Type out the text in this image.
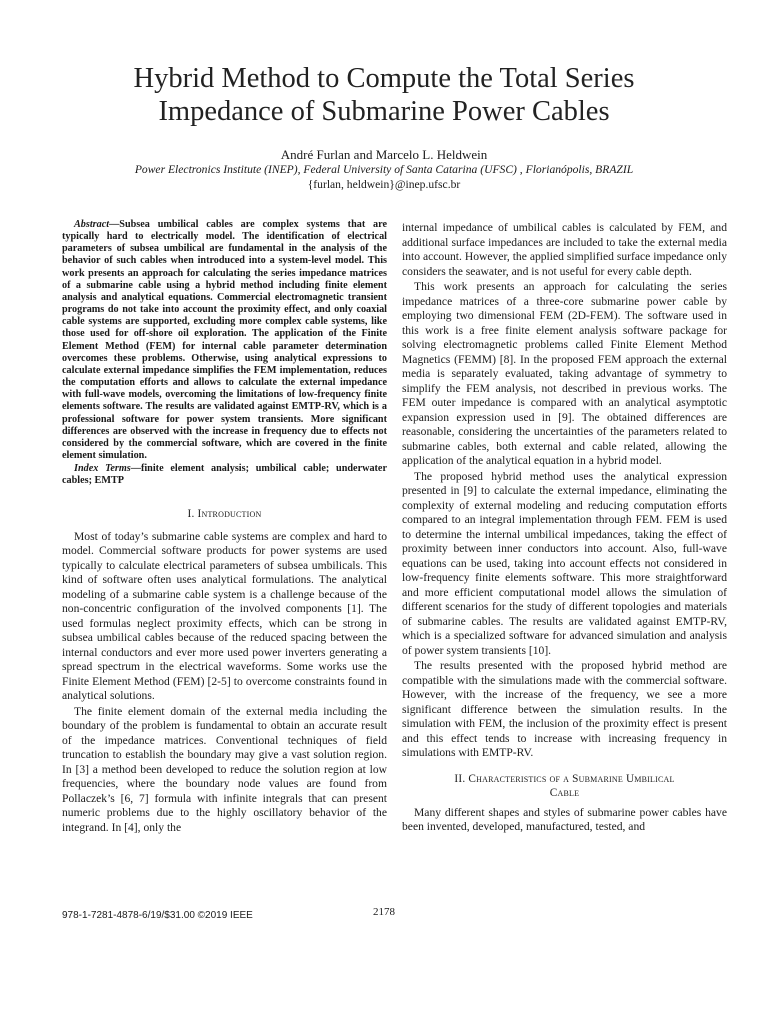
Hybrid Method to Compute the Total Series
Impedance of Submarine Power Cables
André Furlan and Marcelo L. Heldwein
Power Electronics Institute (INEP), Federal University of Santa Catarina (UFSC) , Florianópolis, BRAZIL
{furlan, heldwein}@inep.ufsc.br

Abstract—Subsea umbilical cables are complex systems that are typically hard to electrically model. The identification of electrical parameters of subsea umbilical are fundamental in the analysis of the behavior of such cables when introduced into a system-level model. This work presents an approach for calculating the series impedance matrices of a submarine cable using a hybrid method including finite element analysis and analytical equations. Commercial electromagnetic transient programs do not take into account the proximity effect, and only coaxial cable systems are supported, excluding more complex cable systems, like those used for off-shore oil exploration. The application of the Finite Element Method (FEM) for internal cable parameter determination overcomes these problems. Otherwise, using analytical expressions to calculate external impedance simplifies the FEM implementation, reduces the computation efforts and allows to calculate the external impedance with full-wave models, overcoming the limitations of low-frequency finite elements software. The results are validated against EMTP-RV, which is a professional software for power system transients. More significant differences are observed with the increase in frequency due to effects not considered by the commercial software, which are covered in the finite element simulation.

Index Terms—finite element analysis; umbilical cable; underwater cables; EMTP

I. Introduction

Most of today’s submarine cable systems are complex and hard to model. Commercial software products for power systems are used typically to calculate electrical parameters of subsea umbilicals. This kind of software often uses analytical formulations. The analytical modeling of a submarine cable system is a challenge because of the non-concentric configuration of the involved components [1]. The used formulas neglect proximity effects, which can be strong in subsea umbilical cables because of the reduced spacing between the internal conductors and ever more used power inverters generating a spread spectrum in the electrical waveforms. Some works use the Finite Element Method (FEM) [2-5] to overcome constraints found in analytical solutions.

The finite element domain of the external media including the boundary of the problem is fundamental to obtain an accurate result of the impedance matrices. Conventional techniques of field truncation to establish the boundary may give a vast solution region. In [3] a method been developed to reduce the solution region at low frequencies, where the boundary node values are found from Pollaczek’s [6, 7] formula with infinite integrals that can present numeric problems due to the highly oscillatory behavior of the integrand. In [4], only the

internal impedance of umbilical cables is calculated by FEM, and additional surface impedances are included to take the external media into account. However, the applied simplified surface impedance only considers the seawater, and is not useful for every cable depth.

This work presents an approach for calculating the series impedance matrices of a three-core submarine power cable by employing two dimensional FEM (2D-FEM). The software used in this work is a free finite element analysis software package for solving electromagnetic problems called Finite Element Method Magnetics (FEMM) [8]. In the proposed FEM approach the external media is separately evaluated, taking advantage of symmetry to simplify the FEM analysis, not described in previous works. The FEM outer impedance is compared with an analytical asymptotic expansion expression used in [9]. The obtained differences are reasonable, considering the uncertainties of the parameters related to submarine cables, both external and cable related, allowing the application of the analytical equation in a hybrid model.

The proposed hybrid method uses the analytical expression presented in [9] to calculate the external impedance, eliminating the complexity of external modeling and reducing computation efforts compared to an integral implementation through FEM. FEM is used to determine the internal umbilical impedances, taking the effect of proximity between inner conductors into account. Also, full-wave equations can be used, taking into account effects not considered in low-frequency finite elements software. This more straightforward and more efficient computational model allows the simulation of different scenarios for the study of different topologies and materials of submarine cables. The results are validated against EMTP-RV, which is a specialized software for advanced simulation and analysis of power system transients [10].

The results presented with the proposed hybrid method are compatible with the simulations made with the commercial software. However, with the increase of the frequency, we see a more significant difference between the simulation results. In the simulation with FEM, the inclusion of the proximity effect is present and this effect tends to increase with increasing frequency in simulations with EMTP-RV.

II. Characteristics of a Submarine Umbilical
Cable

Many different shapes and styles of submarine power cables have been invented, developed, manufactured, tested, and

978-1-7281-4878-6/19/$31.00 ©2019 IEEE	2178
